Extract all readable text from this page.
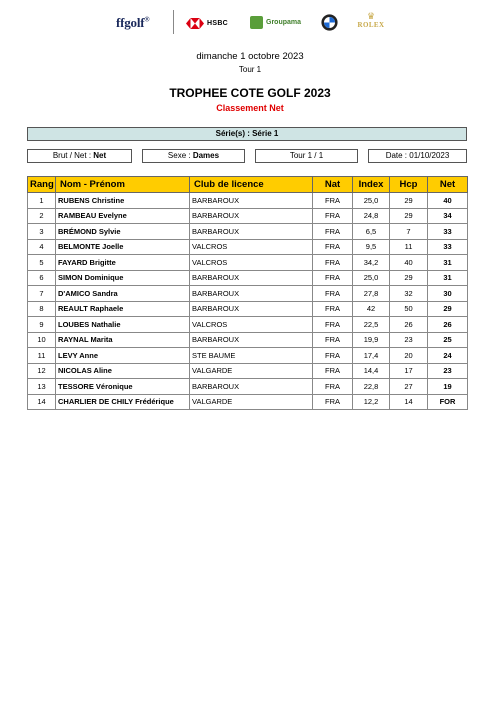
ffgolf®	HSBC	Groupama
♛
ROLEX
dimanche 1 octobre 2023
Tour 1
TROPHEE COTE GOLF 2023
Classement Net
Série(s) : Série 1
Brut / Net : Net	Sexe : Dames	Tour 1 / 1	Date : 01/10/2023
Rang	Nom - Prénom	Club de licence	Nat	Index	Hcp	Net
1	RUBENS Christine	BARBAROUX	FRA	25,0	29	40
2	RAMBEAU Evelyne	BARBAROUX	FRA	24,8	29	34
3	BRÉMOND Sylvie	BARBAROUX	FRA	6,5	7	33
4	BELMONTE Joelle	VALCROS	FRA	9,5	11	33
5	FAYARD Brigitte	VALCROS	FRA	34,2	40	31
6	SIMON Dominique	BARBAROUX	FRA	25,0	29	31
7	D'AMICO Sandra	BARBAROUX	FRA	27,8	32	30
8	REAULT Raphaele	BARBAROUX	FRA	42	50	29
9	LOUBES Nathalie	VALCROS	FRA	22,5	26	26
10	RAYNAL Marita	BARBAROUX	FRA	19,9	23	25
11	LEVY Anne	STE BAUME	FRA	17,4	20	24
12	NICOLAS Aline	VALGARDE	FRA	14,4	17	23
13	TESSORE Véronique	BARBAROUX	FRA	22,8	27	19
14	CHARLIER DE CHILY Frédérique	VALGARDE	FRA	12,2	14	FOR
